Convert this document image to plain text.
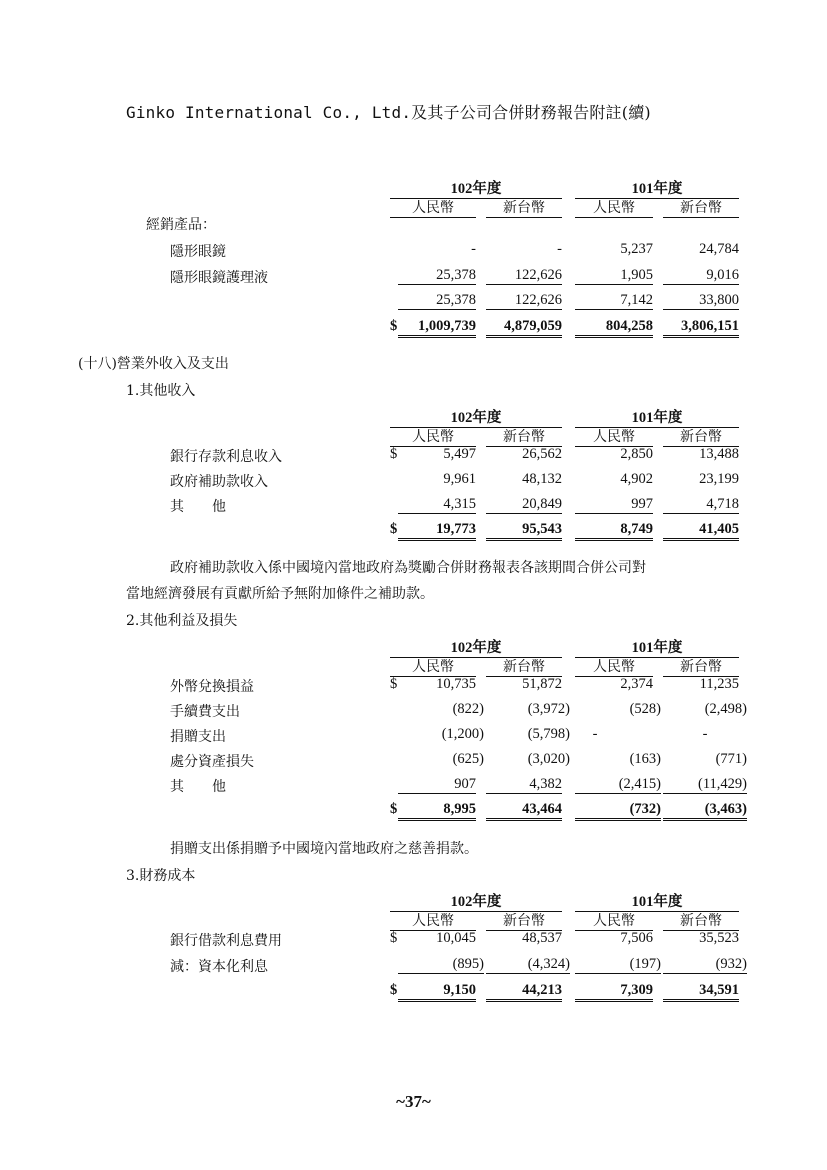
Ginko International Co., Ltd.及其子公司合併財務報告附註(續)
102年度	101年度
人民幣	新台幣	人民幣	新台幣
經銷產品：
隱形眼鏡	-	-	5,237	24,784
隱形眼鏡護理液	25,378	122,626	1,905	9,016
25,378	122,626	7,142	33,800
$	1,009,739	4,879,059	804,258	3,806,151
(十八)營業外收入及支出
1.其他收入
102年度	101年度
人民幣	新台幣	人民幣	新台幣
銀行存款利息收入	$	5,497	26,562	2,850	13,488
政府補助款收入	9,961	48,132	4,902	23,199
其　　他	4,315	20,849	997	4,718
$	19,773	95,543	8,749	41,405
政府補助款收入係中國境內當地政府為獎勵合併財務報表各該期間合併公司對
當地經濟發展有貢獻所給予無附加條件之補助款。
2.其他利益及損失
102年度	101年度
人民幣	新台幣	人民幣	新台幣
外幣兌換損益	$	10,735	51,872	2,374	11,235
手續費支出	(822)	(3,972)	(528)	(2,498)
捐贈支出	(1,200)	(5,798)	-	-
處分資產損失	(625)	(3,020)	(163)	(771)
其　　他	907	4,382	(2,415)	(11,429)
$	8,995	43,464	(732)	(3,463)
捐贈支出係捐贈予中國境內當地政府之慈善捐款。
3.財務成本
102年度	101年度
人民幣	新台幣	人民幣	新台幣
銀行借款利息費用	$	10,045	48,537	7,506	35,523
減：資本化利息	(895)	(4,324)	(197)	(932)
$	9,150	44,213	7,309	34,591
~37~
